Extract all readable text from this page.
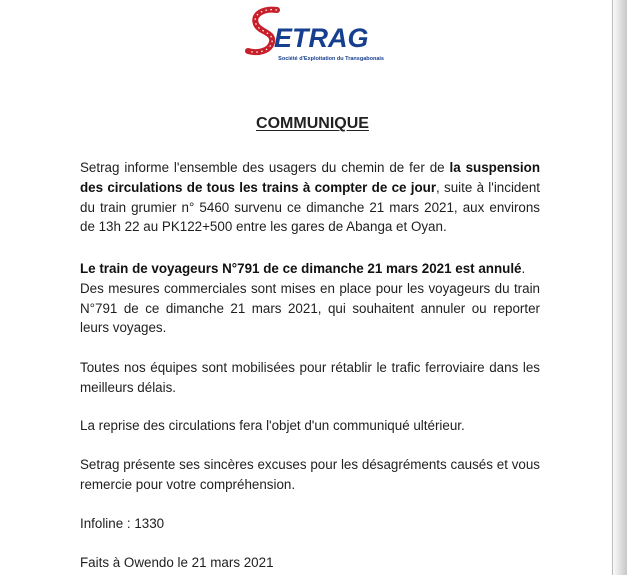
ETRAG
Société d'Exploitation du Transgabonais
COMMUNIQUE
Setrag informe l'ensemble des usagers du chemin de fer de la suspension des circulations de tous les trains à compter de ce jour, suite à l'incident du train grumier n° 5460 survenu ce dimanche 21 mars 2021, aux environs de 13h 22 au PK122+500 entre les gares de Abanga et Oyan.
Le train de voyageurs N°791 de ce dimanche 21 mars 2021 est annulé.
Des mesures commerciales sont mises en place pour les voyageurs du train N°791 de ce dimanche 21 mars 2021, qui souhaitent annuler ou reporter leurs voyages.
Toutes nos équipes sont mobilisées pour rétablir le trafic ferroviaire dans les meilleurs délais.
La reprise des circulations fera l'objet d'un communiqué ultérieur.
Setrag présente ses sincères excuses pour les désagréments causés et vous remercie pour votre compréhension.
Infoline : 1330
Faits à Owendo le 21 mars 2021
